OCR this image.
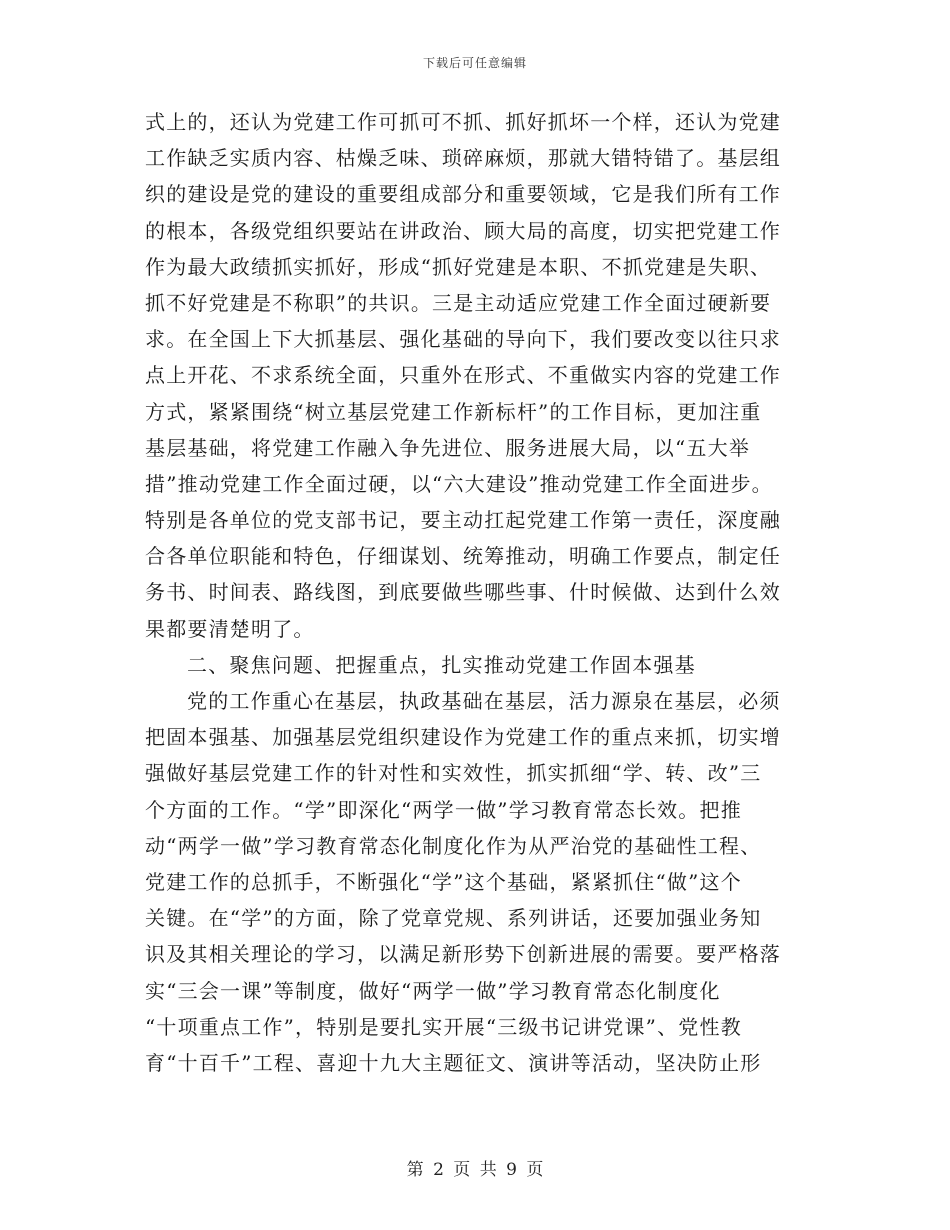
下载后可任意编辑
式上的，还认为党建工作可抓可不抓、抓好抓坏一个样，还认为党建
工作缺乏实质内容、枯燥乏味、琐碎麻烦，那就大错特错了。基层组
织的建设是党的建设的重要组成部分和重要领域，它是我们所有工作
的根本，各级党组织要站在讲政治、顾大局的高度，切实把党建工作
作为最大政绩抓实抓好，形成“抓好党建是本职、不抓党建是失职、
抓不好党建是不称职”的共识。三是主动适应党建工作全面过硬新要
求。在全国上下大抓基层、强化基础的导向下，我们要改变以往只求
点上开花、不求系统全面，只重外在形式、不重做实内容的党建工作
方式，紧紧围绕“树立基层党建工作新标杆”的工作目标，更加注重
基层基础，将党建工作融入争先进位、服务进展大局，以“五大举
措”推动党建工作全面过硬，以“六大建设”推动党建工作全面进步。
特别是各单位的党支部书记，要主动扛起党建工作第一责任，深度融
合各单位职能和特色，仔细谋划、统筹推动，明确工作要点，制定任
务书、时间表、路线图，到底要做些哪些事、什时候做、达到什么效
果都要清楚明了。
二、聚焦问题、把握重点，扎实推动党建工作固本强基
党的工作重心在基层，执政基础在基层，活力源泉在基层，必须
把固本强基、加强基层党组织建设作为党建工作的重点来抓，切实增
强做好基层党建工作的针对性和实效性，抓实抓细“学、转、改”三
个方面的工作。“学”即深化“两学一做”学习教育常态长效。把推
动“两学一做”学习教育常态化制度化作为从严治党的基础性工程、
党建工作的总抓手，不断强化“学”这个基础，紧紧抓住“做”这个
关键。在“学”的方面，除了党章党规、系列讲话，还要加强业务知
识及其相关理论的学习，以满足新形势下创新进展的需要。要严格落
实“三会一课”等制度，做好“两学一做”学习教育常态化制度化
“十项重点工作”，特别是要扎实开展“三级书记讲党课”、党性教
育“十百千”工程、喜迎十九大主题征文、演讲等活动，坚决防止形
第 2 页 共 9 页
